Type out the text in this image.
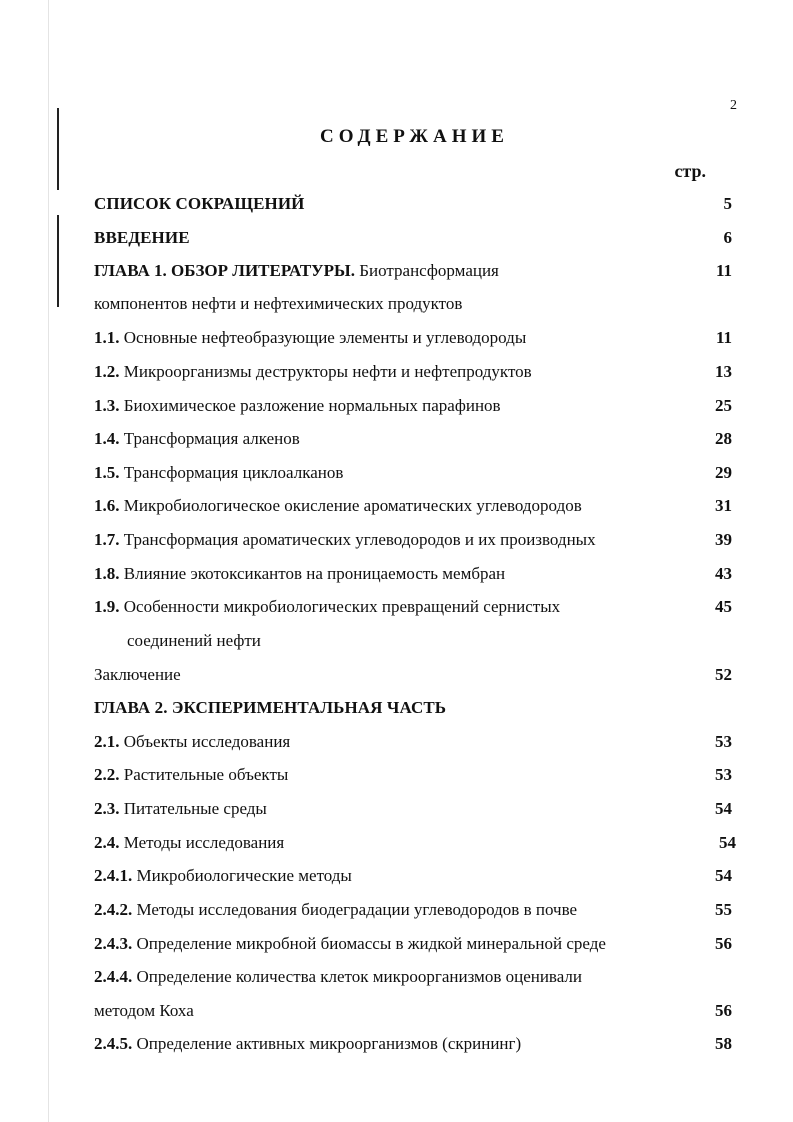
2
СОДЕРЖАНИЕ
стр.
СПИСОК СОКРАЩЕНИЙ	5
ВВЕДЕНИЕ	6
ГЛАВА 1. ОБЗОР ЛИТЕРАТУРЫ. Биотрансформация	11
компонентов нефти и нефтехимических продуктов
1.1. Основные нефтеобразующие элементы и углеводороды	11
1.2. Микроорганизмы деструкторы нефти и нефтепродуктов	13
1.3. Биохимическое разложение нормальных парафинов	25
1.4. Трансформация алкенов	28
1.5. Трансформация циклоалканов	29
1.6. Микробиологическое окисление ароматических углеводородов	31
1.7. Трансформация ароматических углеводородов и их производных	39
1.8. Влияние экотоксикантов на проницаемость мембран	43
1.9. Особенности микробиологических превращений сернистых	45
соединений нефти
Заключение	52
ГЛАВА 2. ЭКСПЕРИМЕНТАЛЬНАЯ ЧАСТЬ
2.1. Объекты исследования	53
2.2. Растительные объекты	53
2.3. Питательные среды	54
2.4. Методы исследования	54
2.4.1. Микробиологические методы	54
2.4.2. Методы исследования биодеградации углеводородов в почве	55
2.4.3. Определение микробной биомассы в жидкой минеральной среде	56
2.4.4. Определение количества клеток микроорганизмов оценивали
методом Коха	56
2.4.5. Определение активных микроорганизмов (скрининг)	58
